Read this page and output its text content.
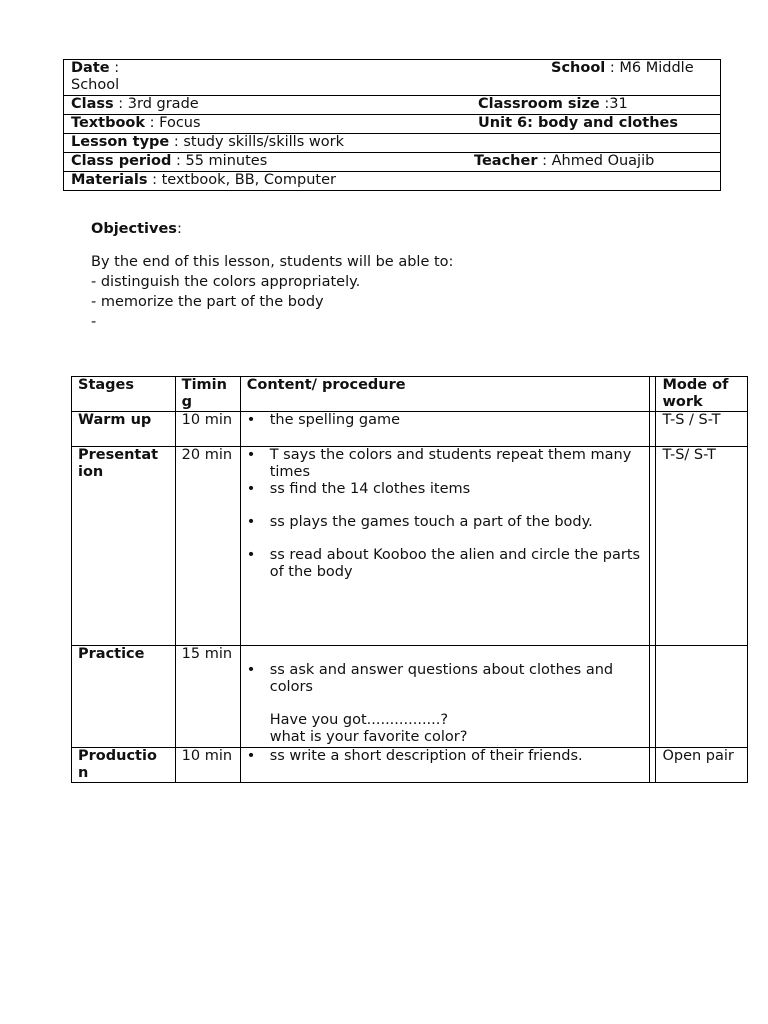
Date :	School : M6 Middle
School
Class : 3rd grade	Classroom size :31
Textbook : Focus	Unit 6: body and clothes
Lesson type : study skills/skills work
Class period : 55 minutes	Teacher : Ahmed Ouajib
Materials : textbook, BB, Computer
Objectives:
By the end of this lesson, students will be able to:
- distinguish the colors appropriately.
- memorize the part of the body
-
Stages	Timin g	Content/ procedure		Mode of work
Warm up	10 min	• the spelling game		T-S / S-T
Presentat ion	20 min	• T says the colors and students repeat them many times
• ss find the 14 clothes items
• ss plays the games touch a part of the body.
• ss read about Kooboo the alien and circle the parts of the body		T-S/ S-T
Practice	15 min	• ss ask and answer questions about clothes and colors
Have you got................?
what is your favorite color?

Productio n	10 min	• ss write a short description of their friends.		Open pair
